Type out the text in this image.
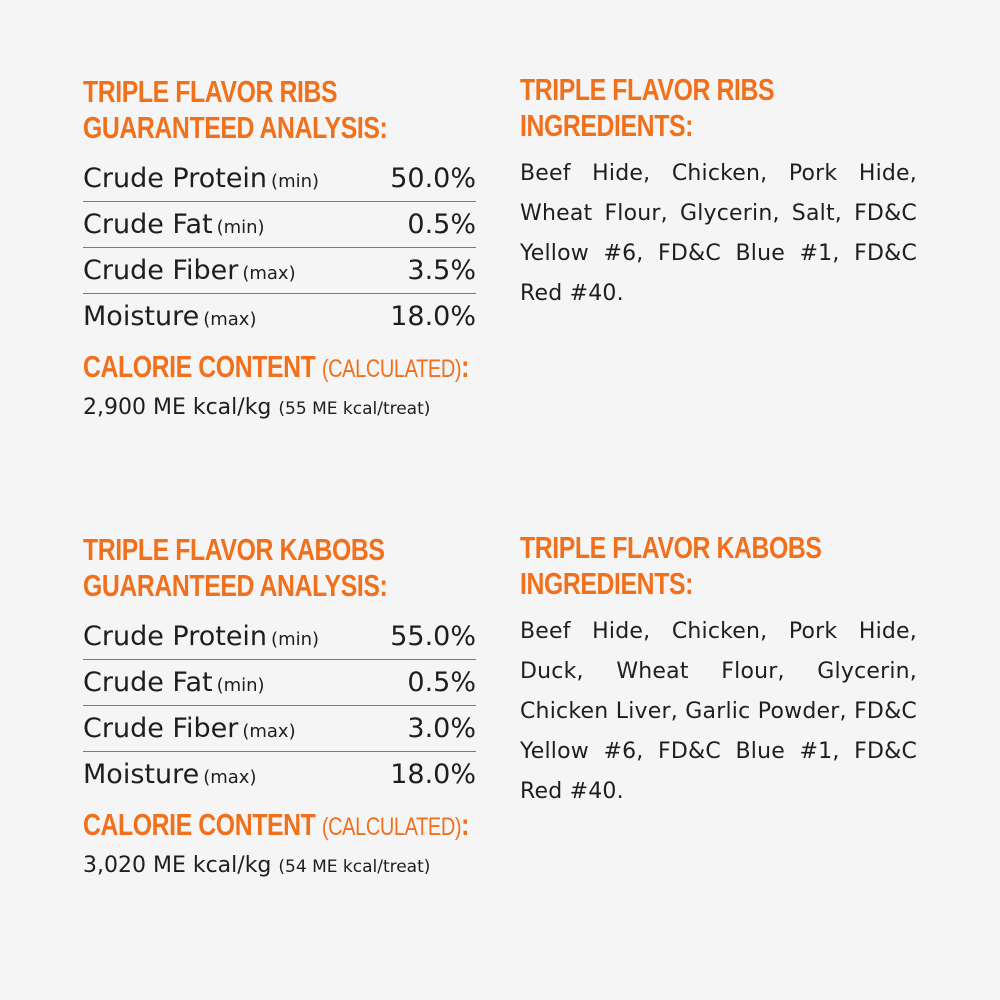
TRIPLE FLAVOR RIBS
GUARANTEED ANALYSIS:
Crude Protein (min)	50.0%
Crude Fat (min)	0.5%
Crude Fiber (max)	3.5%
Moisture (max)	18.0%
CALORIE CONTENT (CALCULATED):
2,900 ME kcal/kg (55 ME kcal/treat)
TRIPLE FLAVOR RIBS
INGREDIENTS:

Beef Hide, Chicken, Pork Hide, Wheat Flour, Glycerin, Salt, FD&C Yellow #6, FD&C Blue #1, FD&C Red #40.

TRIPLE FLAVOR KABOBS
GUARANTEED ANALYSIS:
Crude Protein (min)	55.0%
Crude Fat (min)	0.5%
Crude Fiber (max)	3.0%
Moisture (max)	18.0%
CALORIE CONTENT (CALCULATED):
3,020 ME kcal/kg (54 ME kcal/treat)
TRIPLE FLAVOR KABOBS
INGREDIENTS:

Beef Hide, Chicken, Pork Hide, Duck, Wheat Flour, Glycerin, Chicken Liver, Garlic Powder, FD&C Yellow #6, FD&C Blue #1, FD&C Red #40.
